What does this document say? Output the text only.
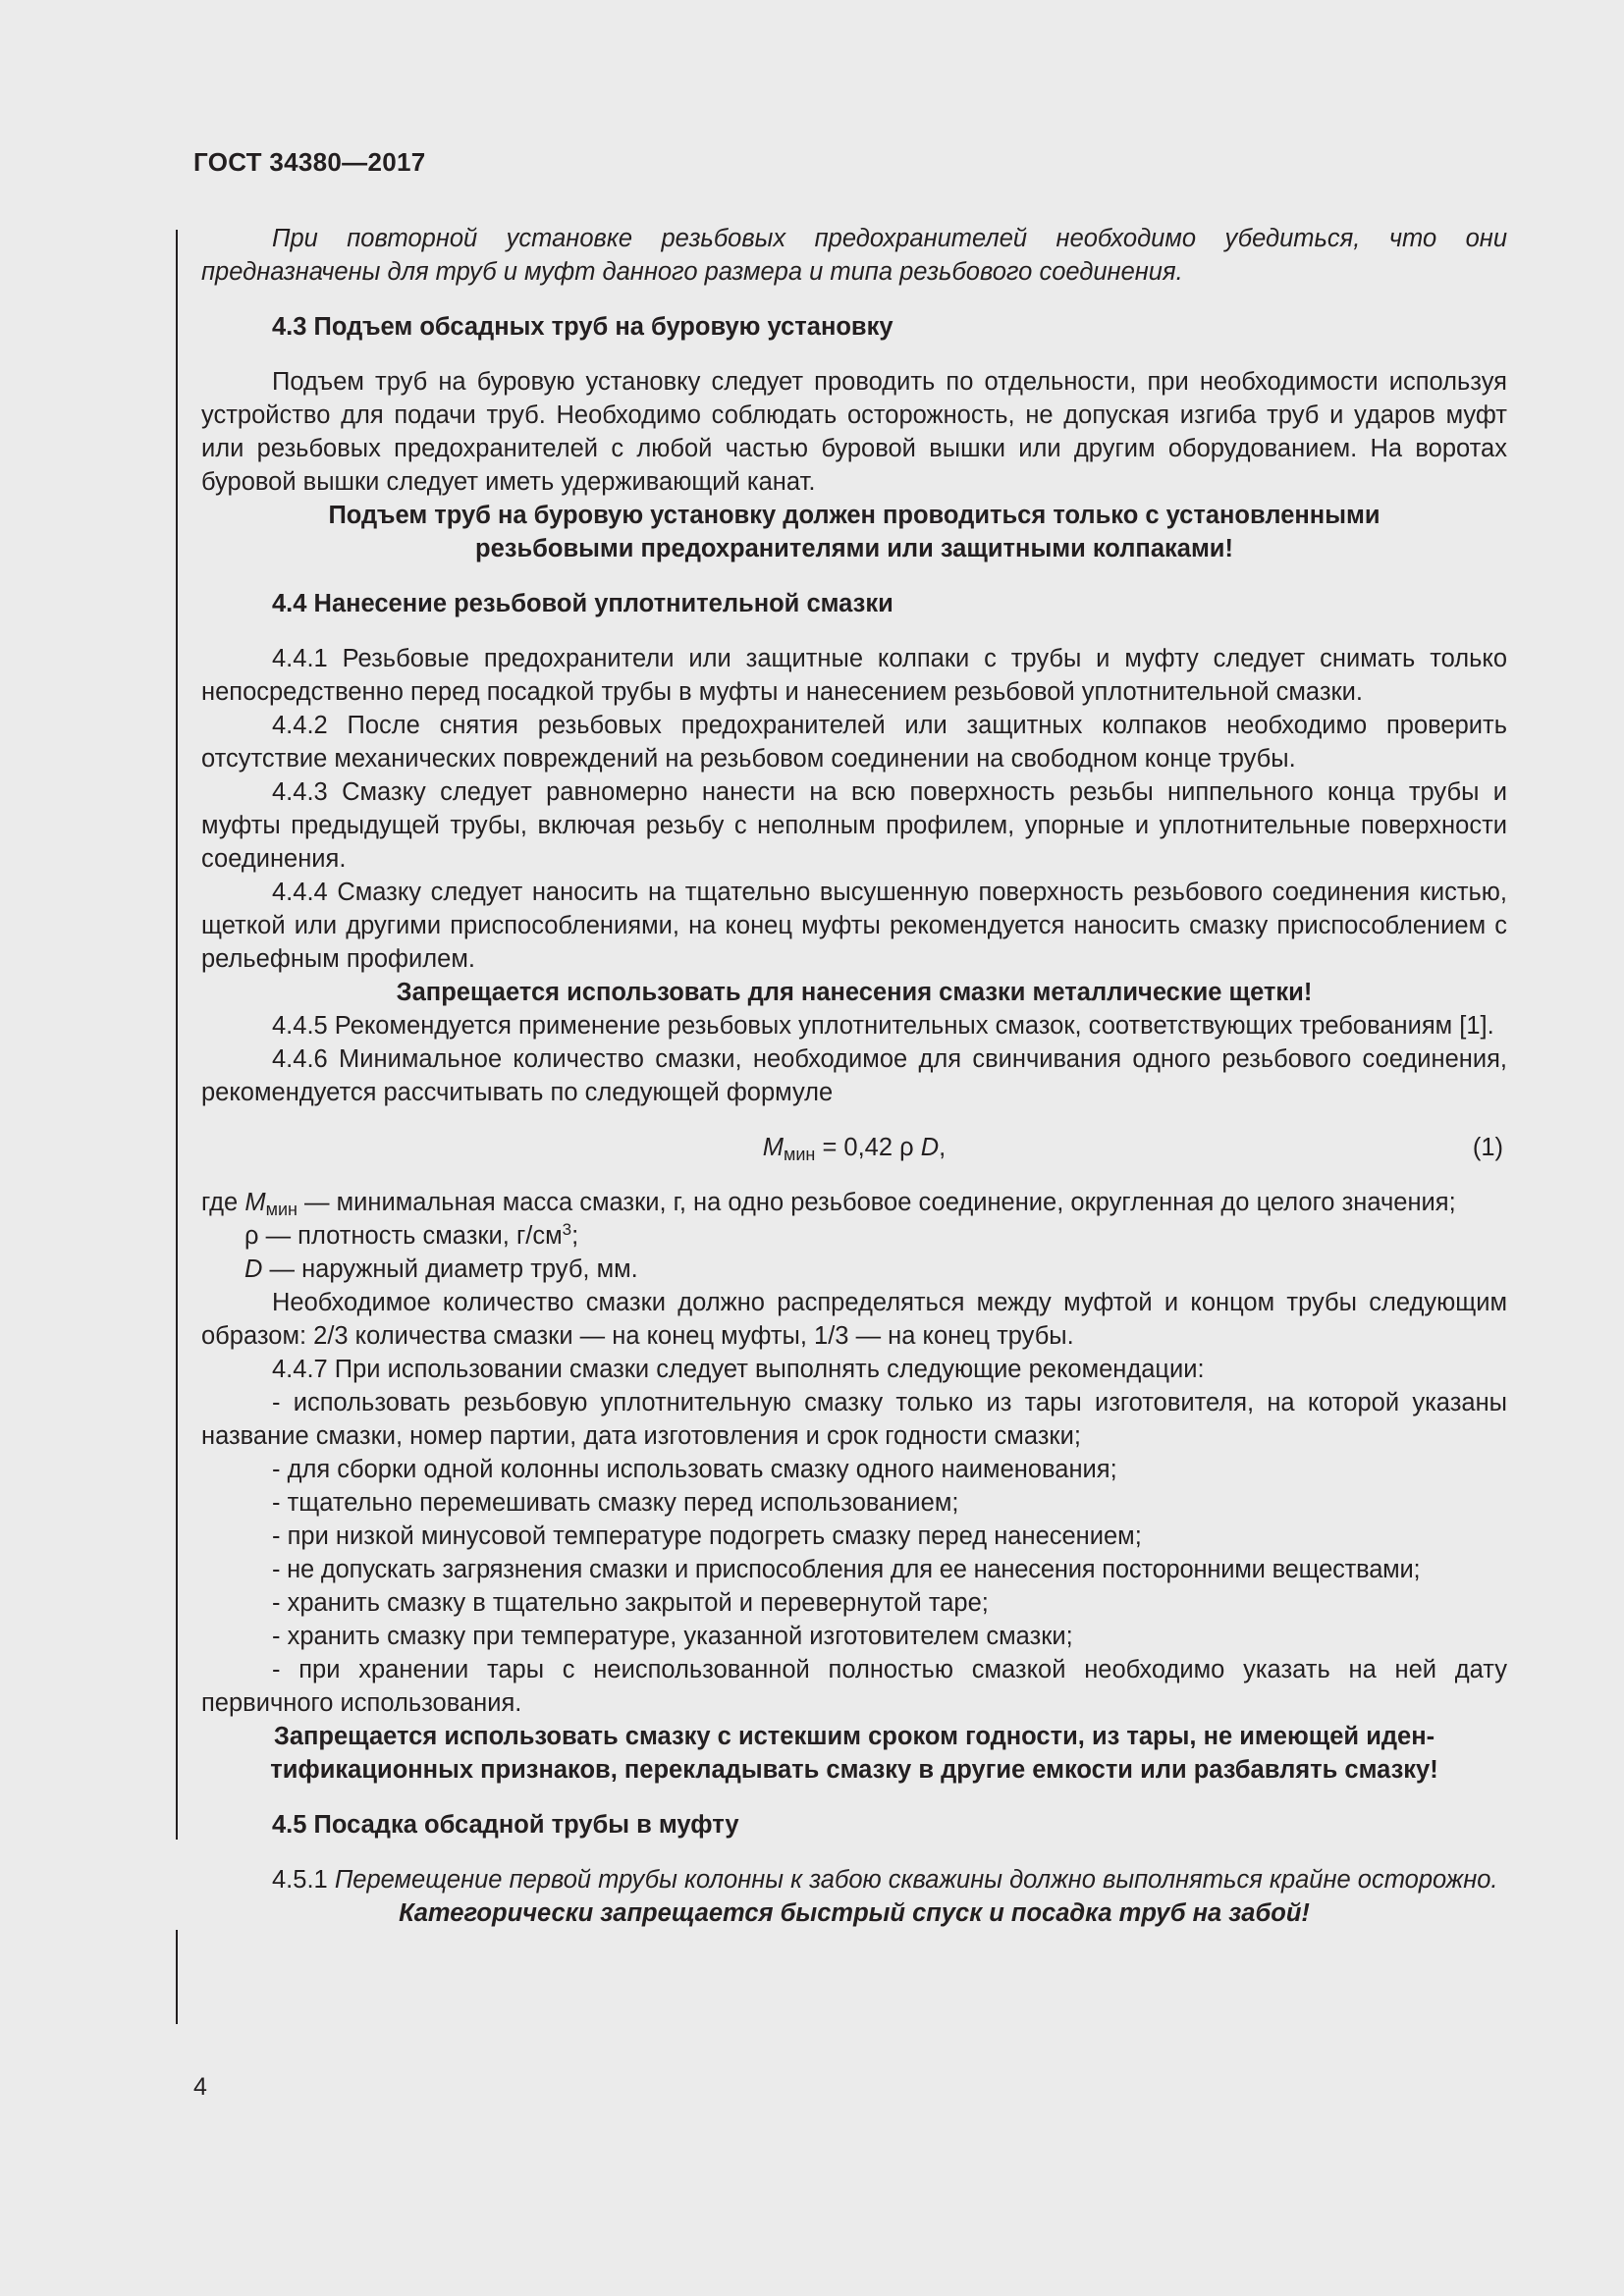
ГОСТ 34380—2017

При повторной установке резьбовых предохранителей необходимо убедиться, что они предназначены для труб и муфт данного размера и типа резьбового соединения.

4.3 Подъем обсадных труб на буровую установку

Подъем труб на буровую установку следует проводить по отдельности, при необходимости используя устройство для подачи труб. Необходимо соблюдать осторожность, не допуская изгиба труб и ударов муфт или резьбовых предохранителей с любой частью буровой вышки или другим оборудованием. На воротах буровой вышки следует иметь удерживающий канат.

Подъем труб на буровую установку должен проводиться только с установленными

резьбовыми предохранителями или защитными колпаками!

4.4 Нанесение резьбовой уплотнительной смазки

4.4.1 Резьбовые предохранители или защитные колпаки с трубы и муфту следует снимать только непосредственно перед посадкой трубы в муфты и нанесением резьбовой уплотнительной смазки.

4.4.2 После снятия резьбовых предохранителей или защитных колпаков необходимо проверить отсутствие механических повреждений на резьбовом соединении на свободном конце трубы.

4.4.3 Смазку следует равномерно нанести на всю поверхность резьбы ниппельного конца трубы и муфты предыдущей трубы, включая резьбу с неполным профилем, упорные и уплотнительные поверхности соединения.

4.4.4 Смазку следует наносить на тщательно высушенную поверхность резьбового соединения кистью, щеткой или другими приспособлениями, на конец муфты рекомендуется наносить смазку приспособлением с рельефным профилем.

Запрещается использовать для нанесения смазки металлические щетки!

4.4.5 Рекомендуется применение резьбовых уплотнительных смазок, соответствующих требованиям [1].

4.4.6 Минимальное количество смазки, необходимое для свинчивания одного резьбового соединения, рекомендуется рассчитывать по следующей формуле

$M_{мин} = 0,42$ ρ D,	(1)

где $M_{мин}$ — минимальная масса смазки, г, на одно резьбовое соединение, округленная до целого значения;

ρ — плотность смазки, $г/см^3$;

D — наружный диаметр труб, мм.

Необходимое количество смазки должно распределяться между муфтой и концом трубы следующим образом: 2/3 количества смазки — на конец муфты, 1/3 — на конец трубы.

4.4.7 При использовании смазки следует выполнять следующие рекомендации:

- использовать резьбовую уплотнительную смазку только из тары изготовителя, на которой указаны название смазки, номер партии, дата изготовления и срок годности смазки;

- для сборки одной колонны использовать смазку одного наименования;

- тщательно перемешивать смазку перед использованием;

- при низкой минусовой температуре подогреть смазку перед нанесением;

- не допускать загрязнения смазки и приспособления для ее нанесения посторонними веществами;

- хранить смазку в тщательно закрытой и перевернутой таре;

- хранить смазку при температуре, указанной изготовителем смазки;

- при хранении тары с неиспользованной полностью смазкой необходимо указать на ней дату первичного использования.

Запрещается использовать смазку с истекшим сроком годности, из тары, не имеющей иден-

тификационных признаков, перекладывать смазку в другие емкости или разбавлять смазку!

4.5 Посадка обсадной трубы в муфту

4.5.1 Перемещение первой трубы колонны к забою скважины должно выполняться крайне осторожно.

Категорически запрещается быстрый спуск и посадка труб на забой!

4
